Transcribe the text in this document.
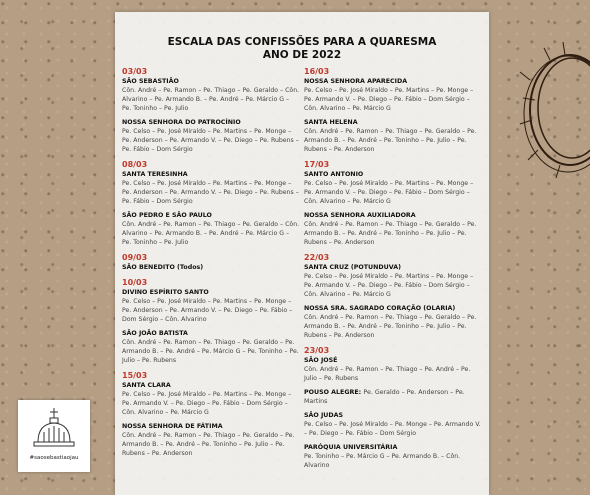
ESCALA DAS CONFISSÕES PARA A QUARESMA
ANO DE 2022
03/03
SÃO SEBASTIÃO
Côn. André – Pe. Ramon – Pe. Thiago – Pe. Geraldo – Côn. Alvarino – Pe. Armando B. – Pe. André – Pe. Márcio G – Pe. Toninho – Pe. Julio
NOSSA SENHORA DO PATROCÍNIO
Pe. Celso – Pe. José Miraldo – Pe. Martins – Pe. Monge – Pe. Anderson – Pe. Armando V. – Pe. Diego – Pe. Rubens – Pe. Fábio – Dom Sérgio
08/03
SANTA TERESINHA
Pe. Celso – Pe. José Miraldo – Pe. Martins – Pe. Monge – Pe. Anderson – Pe. Armando V. – Pe. Diego – Pe. Rubens – Pe. Fábio – Dom Sérgio
SÃO PEDRO E SÃO PAULO
Côn. André – Pe. Ramon – Pe. Thiago – Pe. Geraldo – Côn. Alvarino – Pe. Armando B. – Pe. André – Pe. Márcio G – Pe. Toninho – Pe. Julio
09/03
SÃO BENEDITO (Todos)
10/03
DIVINO ESPÍRITO SANTO
Pe. Celso – Pe. José Miraldo – Pe. Martins – Pe. Monge – Pe. Anderson – Pe. Armando V. – Pe. Diego – Pe. Fábio – Dom Sérgio – Côn. Alvarino
SÃO JOÃO BATISTA
Côn. André – Pe. Ramon – Pe. Thiago – Pe. Geraldo – Pe. Armando B. – Pe. André – Pe. Márcio G – Pe. Toninho – Pe. Julio – Pe. Rubens
15/03
SANTA CLARA
Pe. Celso – Pe. José Miraldo – Pe. Martins – Pe. Monge – Pe. Armando V. – Pe. Diego – Pe. Fábio – Dom Sérgio – Côn. Alvarino – Pe. Márcio G
NOSSA SENHORA DE FÁTIMA
Côn. André – Pe. Ramon – Pe. Thiago – Pe. Geraldo – Pe. Armando B. – Pe. André – Pe. Toninho – Pe. Julio – Pe. Rubens – Pe. Anderson
16/03
NOSSA SENHORA APARECIDA
Pe. Celso – Pe. José Miraldo – Pe. Martins – Pe. Monge – Pe. Armando V. – Pe. Diego – Pe. Fábio – Dom Sérgio – Côn. Alvarino – Pe. Márcio G
SANTA HELENA
Côn. André – Pe. Ramon – Pe. Thiago – Pe. Geraldo – Pe. Armando B. – Pe. André – Pe. Toninho – Pe. Julio – Pe. Rubens – Pe. Anderson
17/03
SANTO ANTONIO
Pe. Celso – Pe. José Miraldo – Pe. Martins – Pe. Monge – Pe. Armando V. – Pe. Diego – Pe. Fábio – Dom Sérgio – Côn. Alvarino – Pe. Márcio G
NOSSA SENHORA AUXILIADORA
Côn. André – Pe. Ramon – Pe. Thiago – Pe. Geraldo – Pe. Armando B. – Pe. André – Pe. Toninho – Pe. Julio – Pe. Rubens – Pe. Anderson
22/03
SANTA CRUZ (POTUNDUVA)
Pe. Celso – Pe. José Miraldo – Pe. Martins – Pe. Monge – Pe. Armando V. – Pe. Diego – Pe. Fábio – Dom Sérgio – Côn. Alvarino – Pe. Márcio G
NOSSA SRA. SAGRADO CORAÇÃO (OLARIA)
Côn. André – Pe. Ramon – Pe. Thiago – Pe. Geraldo – Pe. Armando B. – Pe. André – Pe. Toninho – Pe. Julio – Pe. Rubens – Pe. Anderson
23/03
SÃO JOSÉ
Côn. André – Pe. Ramon – Pe. Thiago – Pe. André – Pe. Julio – Pe. Rubens
POUSO ALEGRE: Pe. Geraldo – Pe. Anderson – Pe. Martins
SÃO JUDAS
Pe. Celso – Pe. José Miraldo – Pe. Monge – Pe. Armando V. – Pe. Diego – Pe. Fábio – Dom Sérgio
PARÓQUIA UNIVERSITÁRIA
Pe. Toninho – Pe. Márcio G – Pe. Armando B. – Côn. Alvarino
#saosebastiaojau
